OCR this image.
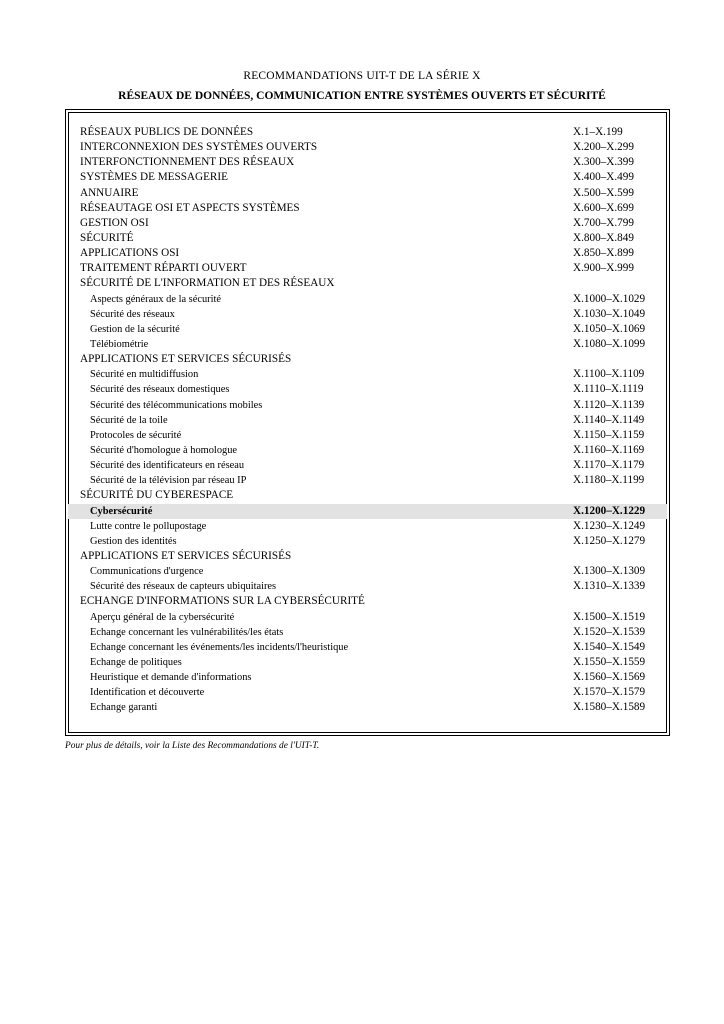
RECOMMANDATIONS UIT-T DE LA SÉRIE X
RÉSEAUX DE DONNÉES, COMMUNICATION ENTRE SYSTÈMES OUVERTS ET SÉCURITÉ
RÉSEAUX PUBLICS DE DONNÉES	X.1–X.199
INTERCONNEXION DES SYSTÈMES OUVERTS	X.200–X.299
INTERFONCTIONNEMENT DES RÉSEAUX	X.300–X.399
SYSTÈMES DE MESSAGERIE	X.400–X.499
ANNUAIRE	X.500–X.599
RÉSEAUTAGE OSI ET ASPECTS SYSTÈMES	X.600–X.699
GESTION OSI	X.700–X.799
SÉCURITÉ	X.800–X.849
APPLICATIONS OSI	X.850–X.899
TRAITEMENT RÉPARTI OUVERT	X.900–X.999
SÉCURITÉ DE L'INFORMATION ET DES RÉSEAUX
Aspects généraux de la sécurité	X.1000–X.1029
Sécurité des réseaux	X.1030–X.1049
Gestion de la sécurité	X.1050–X.1069
Télébiométrie	X.1080–X.1099
APPLICATIONS ET SERVICES SÉCURISÉS
Sécurité en multidiffusion	X.1100–X.1109
Sécurité des réseaux domestiques	X.1110–X.1119
Sécurité des télécommunications mobiles	X.1120–X.1139
Sécurité de la toile	X.1140–X.1149
Protocoles de sécurité	X.1150–X.1159
Sécurité d'homologue à homologue	X.1160–X.1169
Sécurité des identificateurs en réseau	X.1170–X.1179
Sécurité de la télévision par réseau IP	X.1180–X.1199
SÉCURITÉ DU CYBERESPACE
Cybersécurité	X.1200–X.1229
Lutte contre le pollupostage	X.1230–X.1249
Gestion des identités	X.1250–X.1279
APPLICATIONS ET SERVICES SÉCURISÉS
Communications d'urgence	X.1300–X.1309
Sécurité des réseaux de capteurs ubiquitaires	X.1310–X.1339
ECHANGE D'INFORMATIONS SUR LA CYBERSÉCURITÉ
Aperçu général de la cybersécurité	X.1500–X.1519
Echange concernant les vulnérabilités/les états	X.1520–X.1539
Echange concernant les événements/les incidents/l'heuristique	X.1540–X.1549
Echange de politiques	X.1550–X.1559
Heuristique et demande d'informations	X.1560–X.1569
Identification et découverte	X.1570–X.1579
Echange garanti	X.1580–X.1589
Pour plus de détails, voir la Liste des Recommandations de l'UIT-T.
